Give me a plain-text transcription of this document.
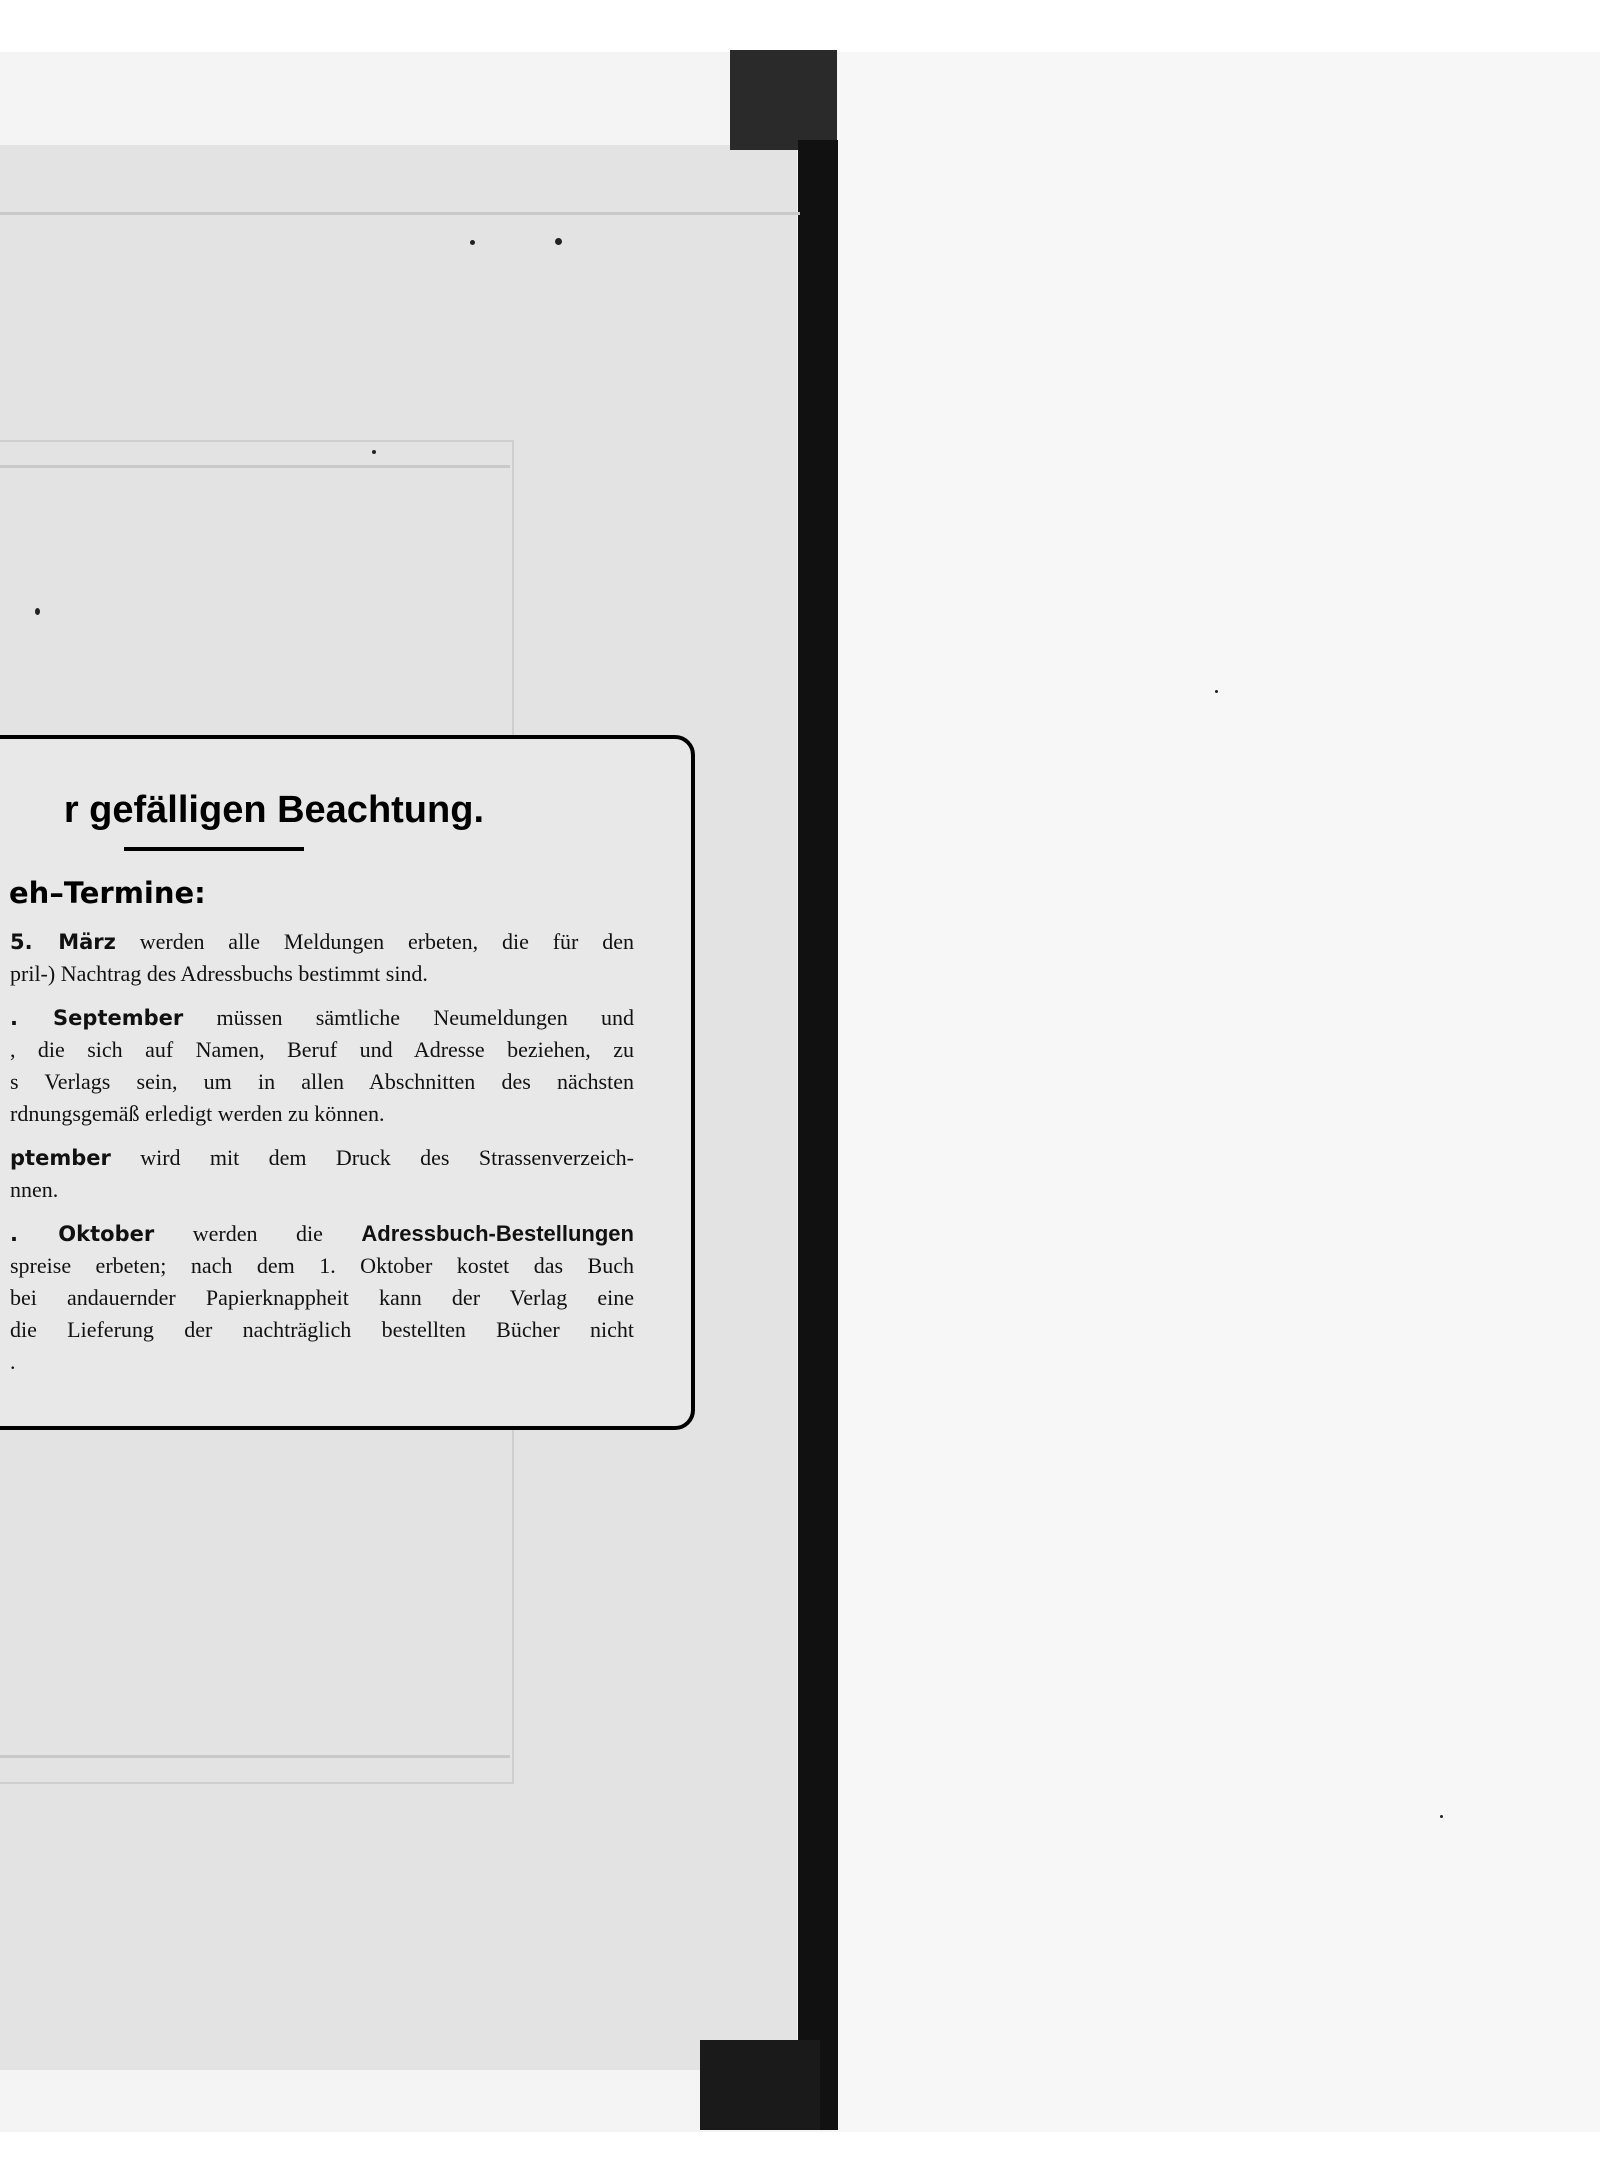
r gefälligen Beachtung.
eh–Termine:
5. März werden alle Meldungen erbeten, die für den
pril-) Nachtrag des Adressbuchs bestimmt sind.
. September müssen sämtliche Neumeldungen und
, die sich auf Namen, Beruf und Adresse beziehen, zu
s Verlags sein, um in allen Abschnitten des nächsten
rdnungsgemäß erledigt werden zu können.
ptember wird mit dem Druck des Strassenverzeich-
nnen.
. Oktober werden die Adressbuch-Bestellungen
spreise erbeten; nach dem 1. Oktober kostet das Buch
bei andauernder Papierknappheit kann der Verlag eine
die Lieferung der nachträglich bestellten Bücher nicht
.
